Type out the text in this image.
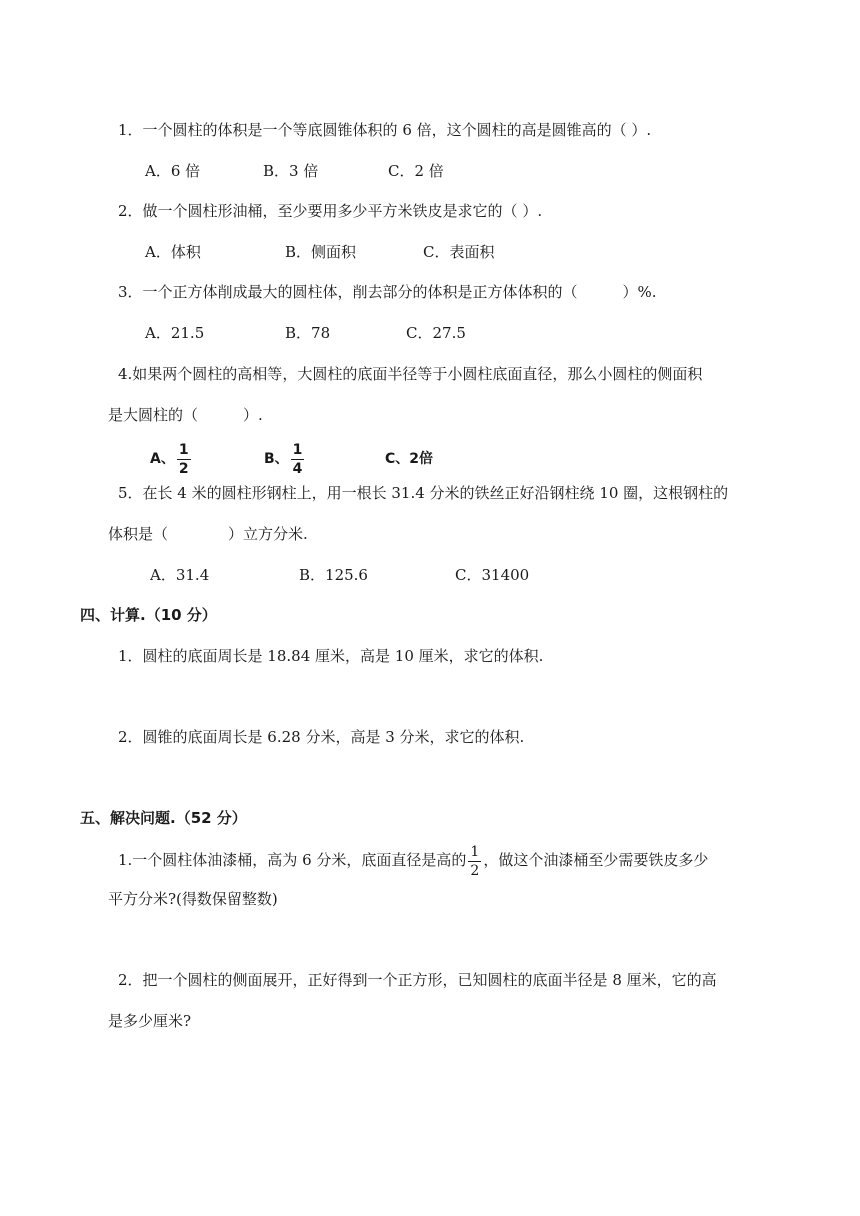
1．一个圆柱的体积是一个等底圆锥体积的 6 倍，这个圆柱的高是圆锥高的（ ）.
A．6 倍	B．3 倍	C．2 倍
2．做一个圆柱形油桶，至少要用多少平方米铁皮是求它的（ ）.
A．体积	B．侧面积	C．表面积
3．一个正方体削成最大的圆柱体，削去部分的体积是正方体体积的（　　　）%.
A．21.5	B．78	C．27.5
4.如果两个圆柱的高相等，大圆柱的底面半径等于小圆柱底面直径，那么小圆柱的侧面积
是大圆柱的（　　　）.
A、 $\frac{1}{2}$	B、 $\frac{1}{4}$	C、2倍
5．在长 4 米的圆柱形钢柱上，用一根长 31.4 分米的铁丝正好沿钢柱绕 10 圈，这根钢柱的
体积是（　　　　）立方分米.
A．31.4	B．125.6	C．31400
四、计算.（10 分）
1．圆柱的底面周长是 18.84 厘米，高是 10 厘米，求它的体积.
2．圆锥的底面周长是 6.28 分米，高是 3 分米，求它的体积.
五、解决问题.（52 分）
1.一个圆柱体油漆桶，高为 6 分米，底面直径是高的 $\frac{1}{2}$ ，做这个油漆桶至少需要铁皮多少
平方分米?(得数保留整数)
2．把一个圆柱的侧面展开，正好得到一个正方形，已知圆柱的底面半径是 8 厘米，它的高
是多少厘米?
